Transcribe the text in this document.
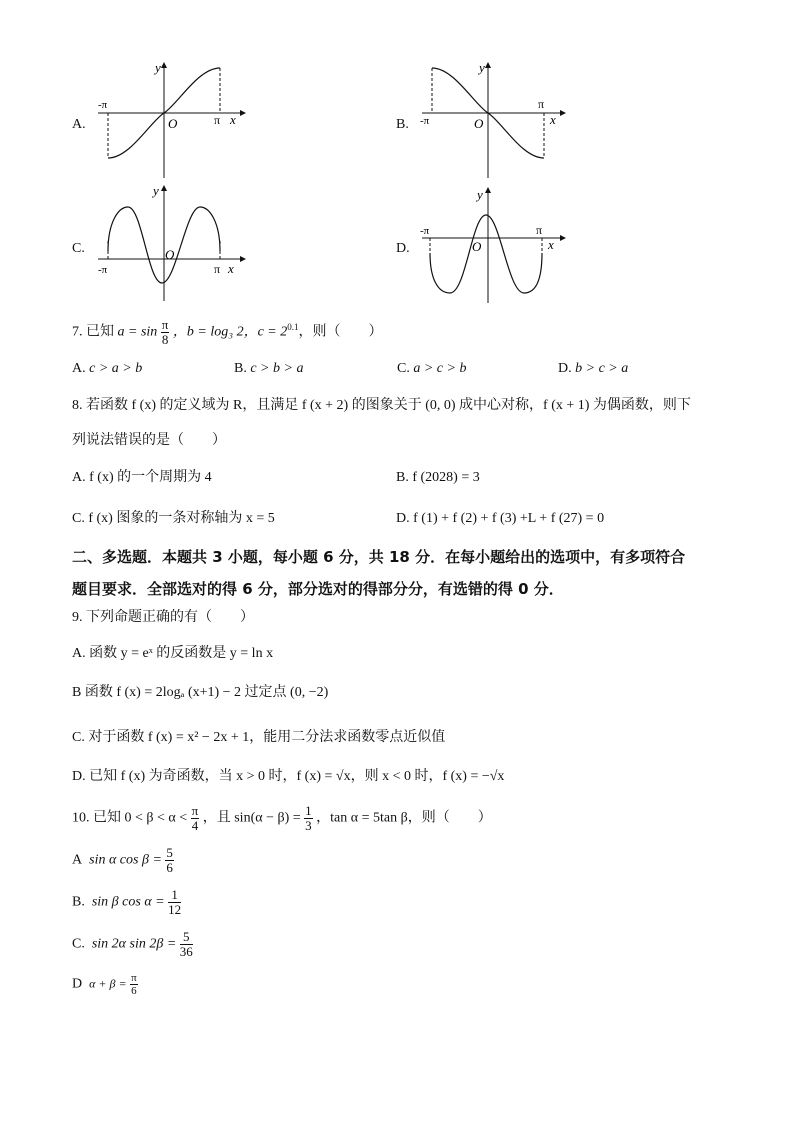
A.
y
x
O
-π
π	B.
y
x
O
-π
π
C.
y
x
O
-π	π
D.
y
x
O
-π	π
7. 已知 $a = \sin \frac{\pi}{8}$ ，b = log₃ 2，$c = 2^{0.1}$，则（　　）
A. c > a > b	B. c > b > a	C. a > c > b	D. b > c > a
8. 若函数 f (x) 的定义域为 R，且满足 f (x + 2) 的图象关于 (0, 0) 成中心对称，f (x + 1) 为偶函数，则下
列说法错误的是（　　）
A. f (x) 的一个周期为 4	B. f (2028) = 3
C. f (x) 图象的一条对称轴为 x = 5	D. f (1) + f (2) + f (3) +L + f (27) = 0
二、多选题．本题共 3 小题，每小题 6 分，共 18 分．在每小题给出的选项中，有多项符合
题目要求．全部选对的得 6 分，部分选对的得部分分，有选错的得 0 分．
9. 下列命题正确的有（　　）
A. 函数 y = eˣ 的反函数是 y = ln x
B 函数 f (x) = 2logₐ (x+1) − 2 过定点 (0, −2)
C. 对于函数 f (x) = x² − 2x + 1，能用二分法求函数零点近似值
D. 已知 f (x) 为奇函数，当 x > 0 时，f (x) = √x，则 x < 0 时，f (x) = −√x
10. 已知 $0 < \beta < \alpha < \frac{\pi}{4}$ ，且 $\sin(\alpha - \beta) = \frac{1}{3}$ ，tan α = 5tan β，则（　　）
A sin α $\cos \beta = \frac{5}{6}$
B. sin β $\cos \alpha = \frac{1}{12}$
C. sin 2α $\sin 2\beta = \frac{5}{36}$
D $\alpha + \beta = \frac{\pi}{6}$
